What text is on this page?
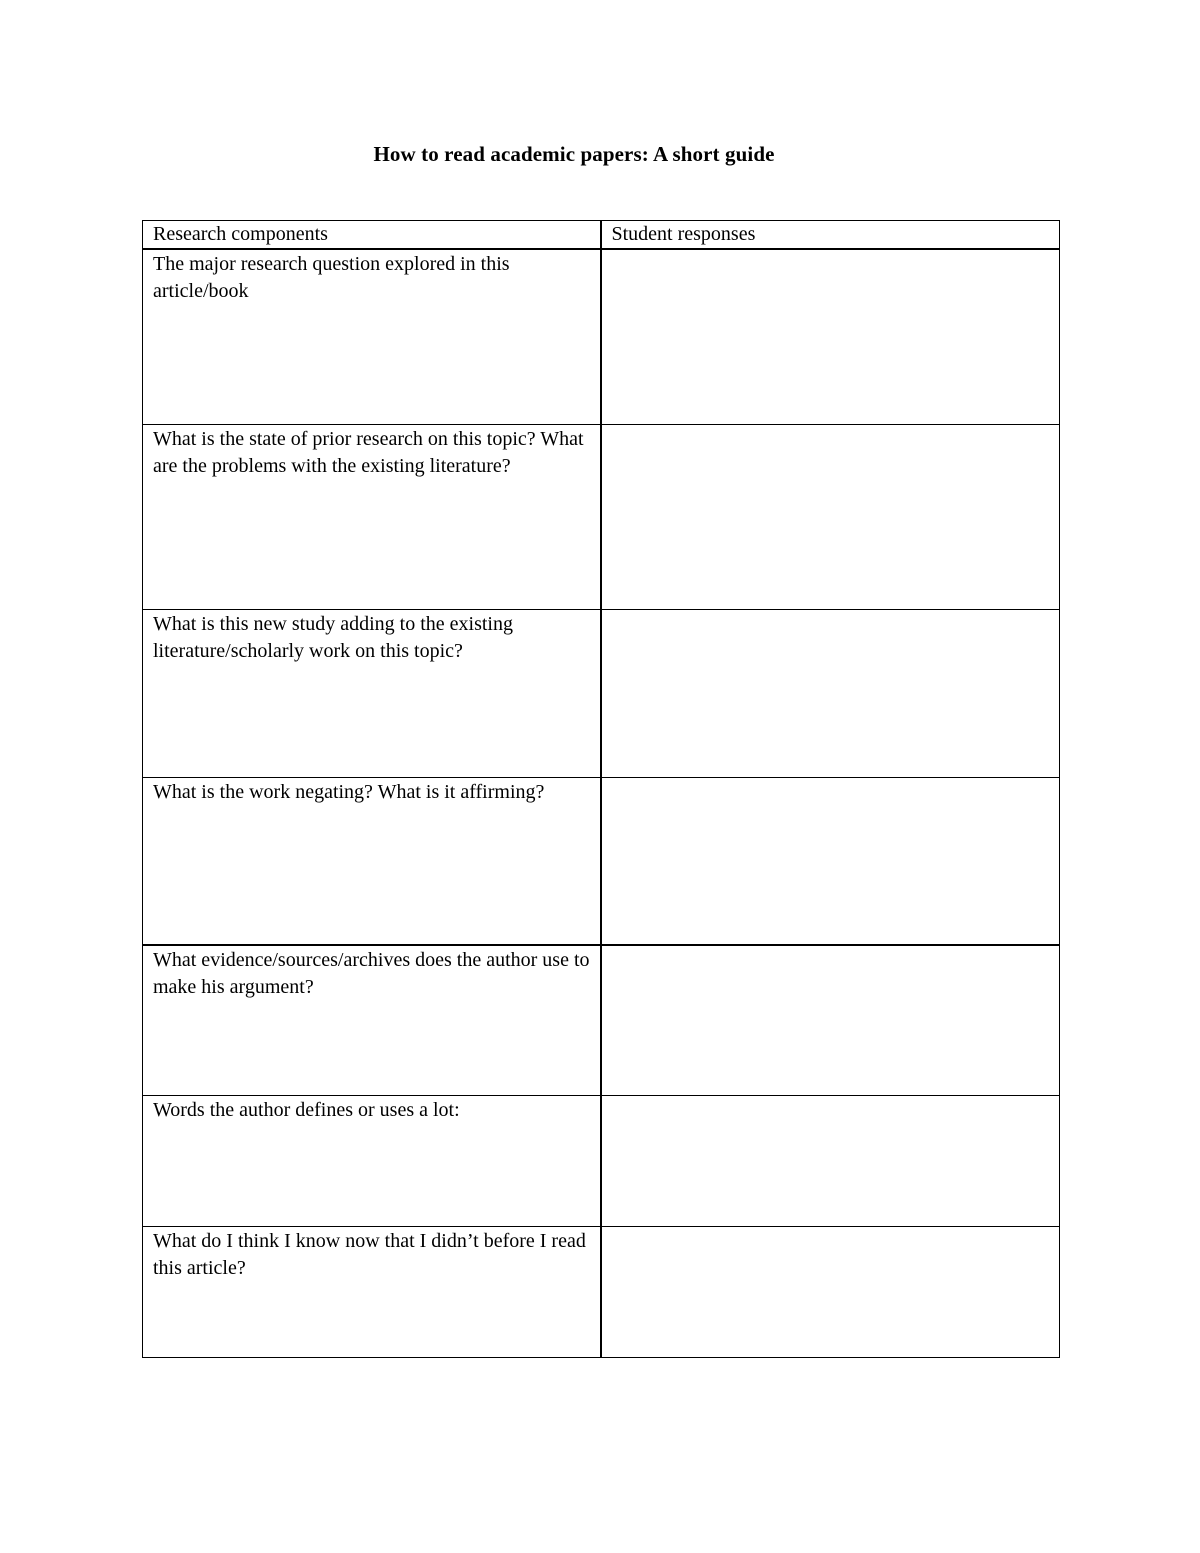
How to read academic papers: A short guide
Research components	Student responses
The major research question explored in this article/book	
What is the state of prior research on this topic? What are the problems with the existing literature?	
What is this new study adding to the existing literature/scholarly work on this topic?	
What is the work negating? What is it affirming?	
What evidence/sources/archives does the author use to make his argument?	
Words the author defines or uses a lot:	
What do I think I know now that I didn’t before I read this article?	
